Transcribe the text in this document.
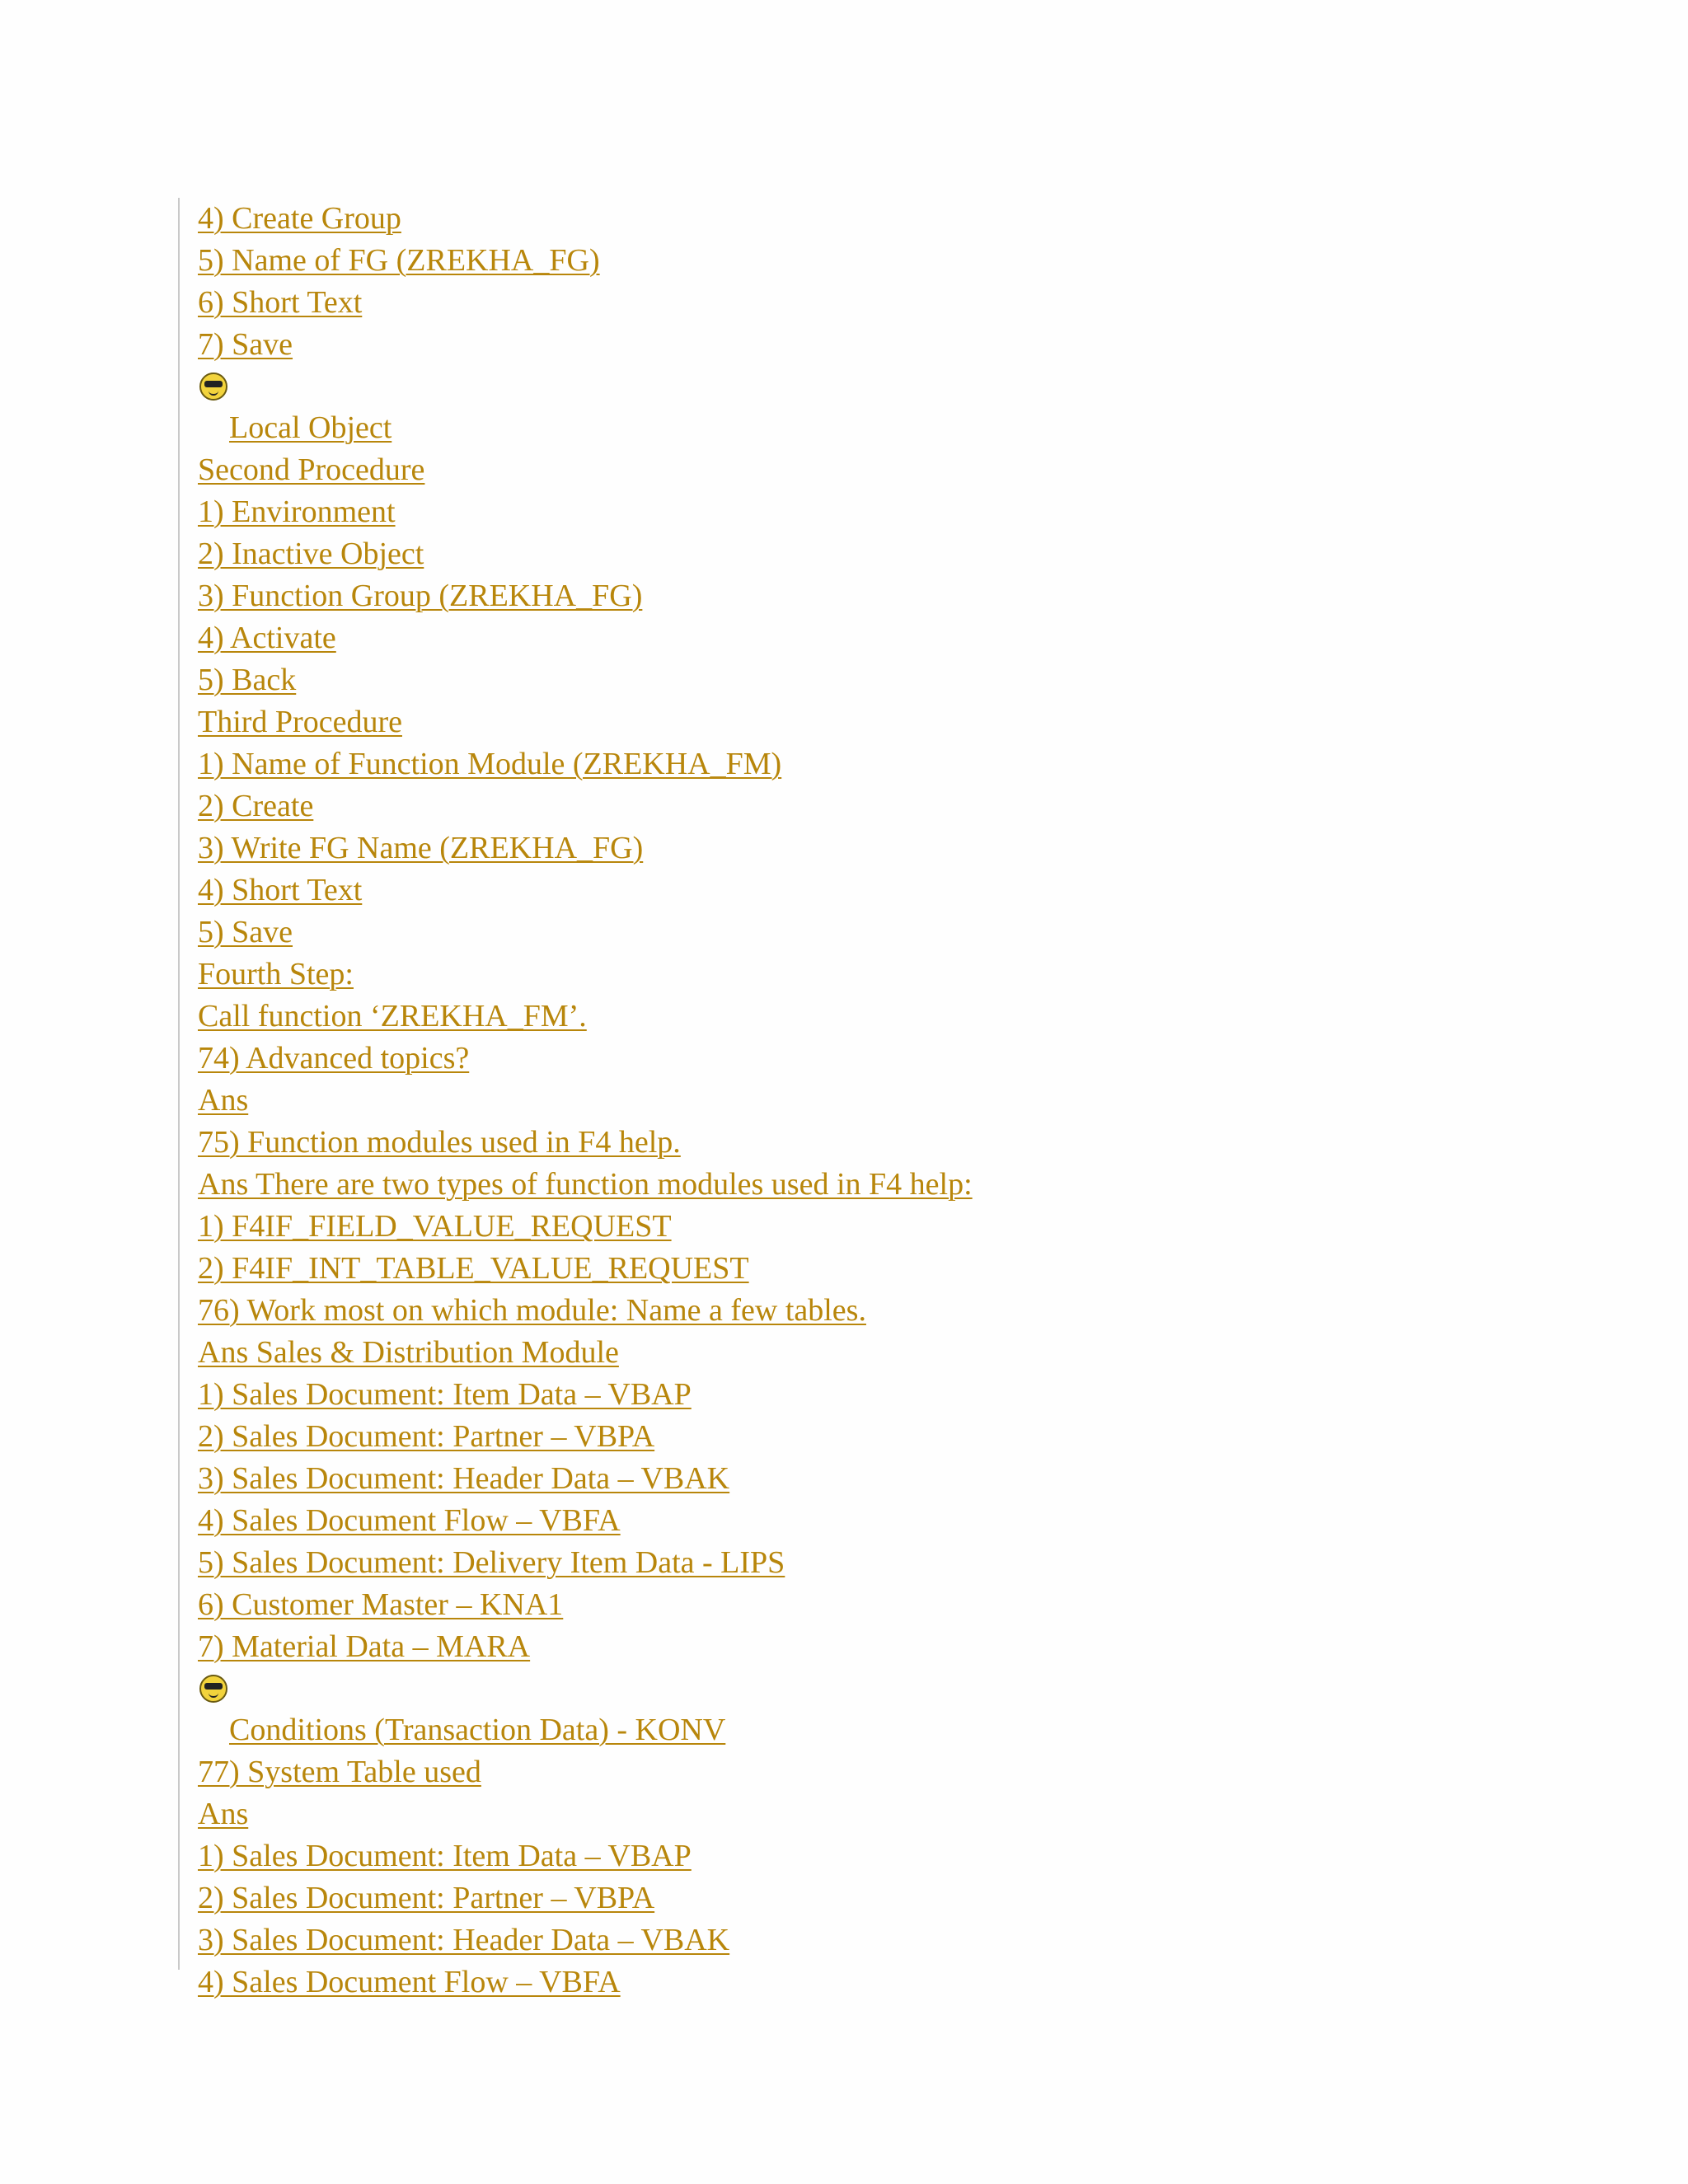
4) Create Group
5) Name of FG (ZREKHA_FG)
6) Short Text
7) Save
Local Object
Second Procedure
1) Environment
2) Inactive Object
3) Function Group (ZREKHA_FG)
4) Activate
5) Back
Third Procedure
1) Name of Function Module (ZREKHA_FM)
2) Create
3) Write FG Name (ZREKHA_FG)
4) Short Text
5) Save
Fourth Step:
Call function ‘ZREKHA_FM’.
74) Advanced topics?
Ans
75) Function modules used in F4 help.
Ans There are two types of function modules used in F4 help:
1) F4IF_FIELD_VALUE_REQUEST
2) F4IF_INT_TABLE_VALUE_REQUEST
76) Work most on which module: Name a few tables.
Ans Sales & Distribution Module
1) Sales Document: Item Data – VBAP
2) Sales Document: Partner – VBPA
3) Sales Document: Header Data – VBAK
4) Sales Document Flow – VBFA
5) Sales Document: Delivery Item Data - LIPS
6) Customer Master – KNA1
7) Material Data – MARA
Conditions (Transaction Data) - KONV
77) System Table used
Ans
1) Sales Document: Item Data – VBAP
2) Sales Document: Partner – VBPA
3) Sales Document: Header Data – VBAK
4) Sales Document Flow – VBFA
